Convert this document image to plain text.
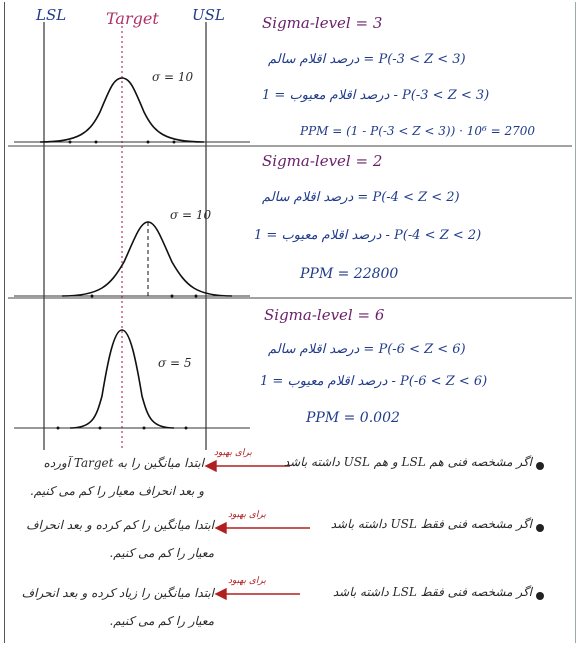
LSL Target USL Sigma-level = 3
درصد اقلام سالم = P(-3 < Z < 3)
درصد اقلام معیوب = 1 - P(-3 < Z < 3)
PPM = (1 - P(-3 < Z < 3)) · 10⁶ = 2700
σ = 10
Sigma-level = 2
درصد اقلام سالم = P(-4 < Z < 2)
درصد اقلام معیوب = 1 - P(-4 < Z < 2)
PPM = 22800
σ = 10
Sigma-level = 6
درصد اقلام سالم = P(-6 < Z < 6)
درصد اقلام معیوب = 1 - P(-6 < Z < 6)
PPM = 0.002
σ = 5
اگر مشخصه فنی هم LSL و هم USL داشته باشد
برای بهبود
ابتدا میانگین را به Target آورده
و بعد انحراف معیار را کم می کنیم.
اگر مشخصه فنی فقط USL داشته باشد
برای بهبود
ابتدا میانگین را کم کرده و بعد انحراف
معیار را کم می کنیم.
اگر مشخصه فنی فقط LSL داشته باشد
برای بهبود
ابتدا میانگین را زیاد کرده و بعد انحراف
معیار را کم می کنیم.
